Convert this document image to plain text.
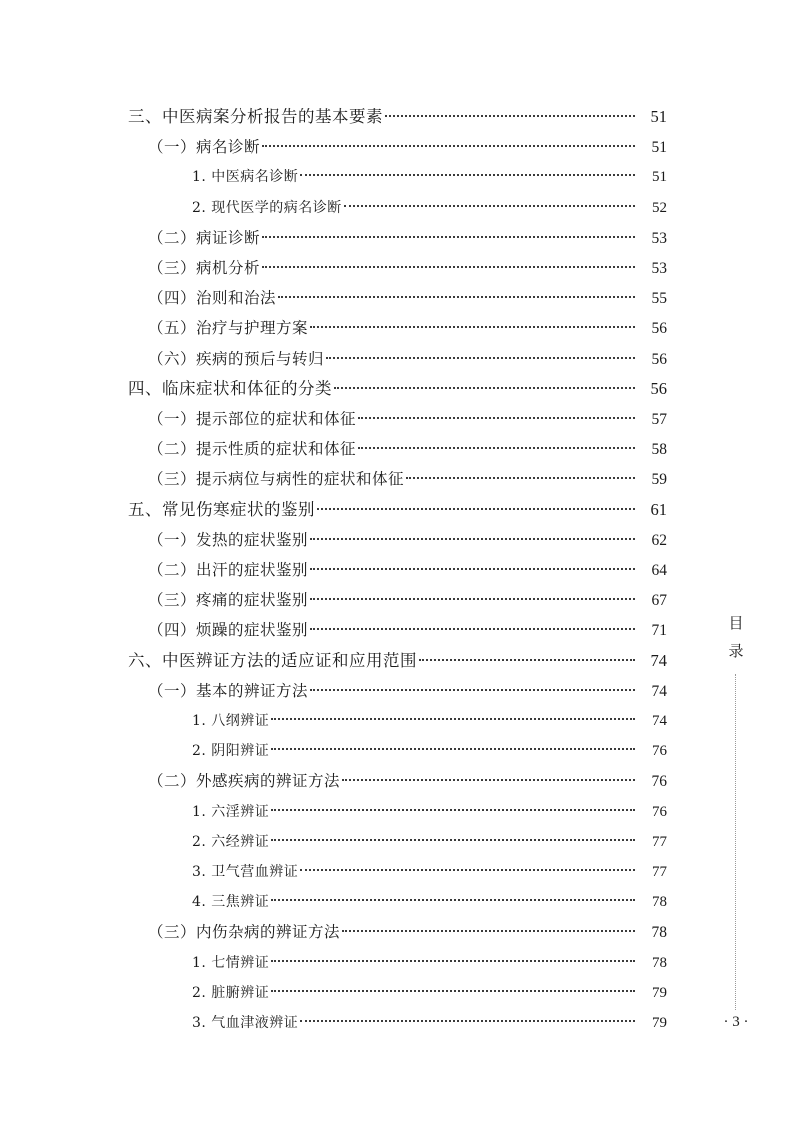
三、中医病案分析报告的基本要素	51
（一）病名诊断	51
1. 中医病名诊断	51
2. 现代医学的病名诊断	52
（二）病证诊断	53
（三）病机分析	53
（四）治则和治法	55
（五）治疗与护理方案	56
（六）疾病的预后与转归	56
四、临床症状和体征的分类	56
（一）提示部位的症状和体征	57
（二）提示性质的症状和体征	58
（三）提示病位与病性的症状和体征	59
五、常见伤寒症状的鉴别	61
（一）发热的症状鉴别	62
（二）出汗的症状鉴别	64
（三）疼痛的症状鉴别	67
（四）烦躁的症状鉴别	71
六、中医辨证方法的适应证和应用范围	74
（一）基本的辨证方法	74
1. 八纲辨证	74
2. 阴阳辨证	76
（二）外感疾病的辨证方法	76
1. 六淫辨证	76
2. 六经辨证	77
3. 卫气营血辨证	77
4. 三焦辨证	78
（三）内伤杂病的辨证方法	78
1. 七情辨证	78
2. 脏腑辨证	79
3. 气血津液辨证	79
目
录
· 3 ·
